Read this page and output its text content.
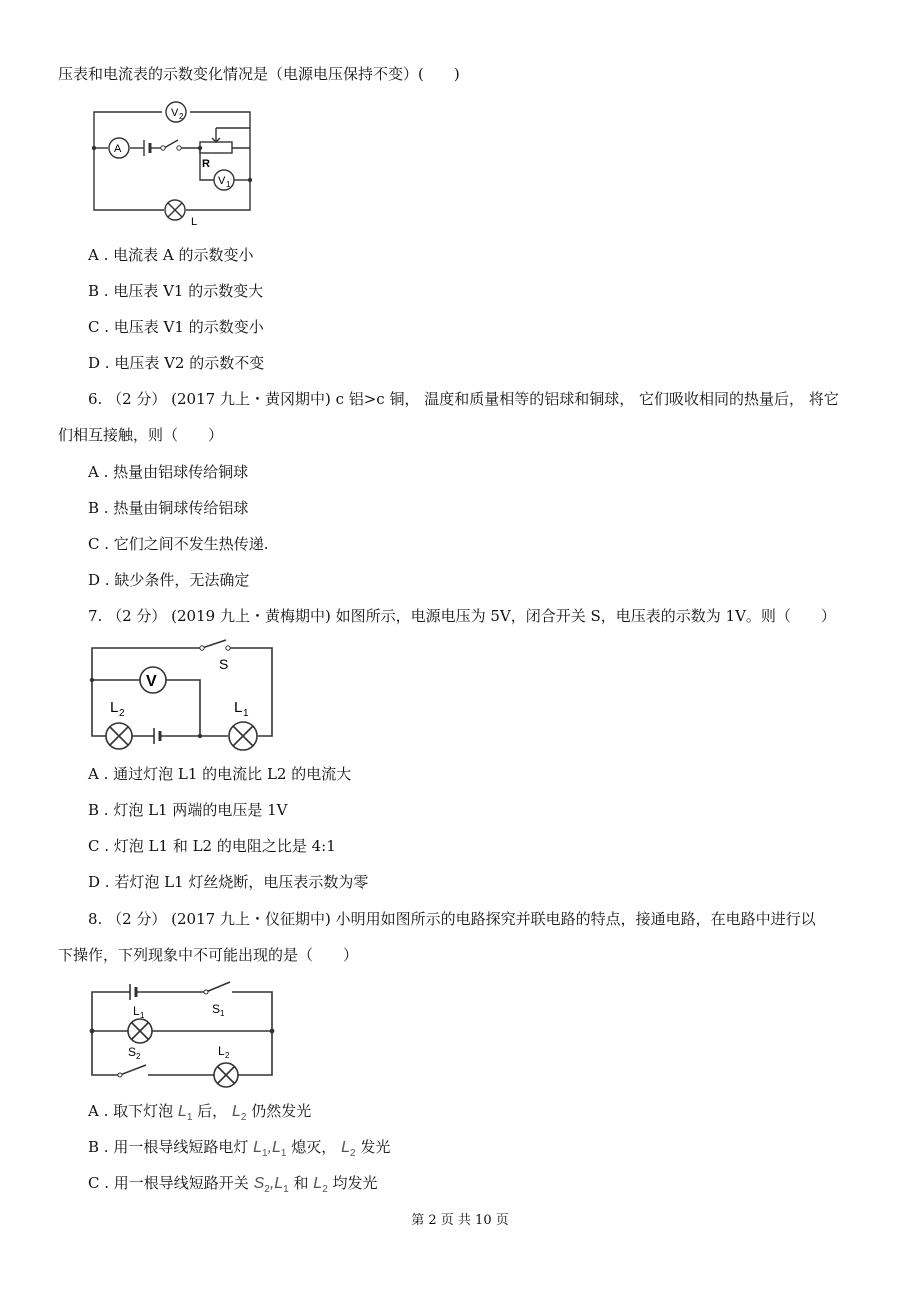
压表和电流表的示数变化情况是（电源电压保持不变）(　　)
V 2
A
R
V 1
L
A . 电流表 A 的示数变小
B . 电压表 V1 的示数变大
C . 电压表 V1 的示数变小
D . 电压表 V2 的示数不变
6. （2 分） (2017 九上・黄冈期中) c 铝>c 铜， 温度和质量相等的铝球和铜球， 它们吸收相同的热量后， 将它
们相互接触，则（　　）
A . 热量由铝球传给铜球
B . 热量由铜球传给铝球
C . 它们之间不发生热传递.
D . 缺少条件，无法确定
7. （2 分） (2019 九上・黄梅期中) 如图所示，电源电压为 5V，闭合开关 S，电压表的示数为 1V。则（　　）
S
V
L 2	L 1
A . 通过灯泡 L1 的电流比 L2 的电流大
B . 灯泡 L1 两端的电压是 1V
C . 灯泡 L1 和 L2 的电阻之比是 4:1
D . 若灯泡 L1 灯丝烧断，电压表示数为零
8. （2 分） (2017 九上・仪征期中) 小明用如图所示的电路探究并联电路的特点，接通电路，在电路中进行以
下操作，下列现象中不可能出现的是（　　）
L 1	S 1
S 2	L 2
A . 取下灯泡 $L_1$ 后， $L_2$ 仍然发光
B . 用一根导线短路电灯 $L_1,L_1$ 熄灭， $L_2$ 发光
C . 用一根导线短路开关 $S_2,L_1$ 和 $L_2$ 均发光
第 2 页 共 10 页
